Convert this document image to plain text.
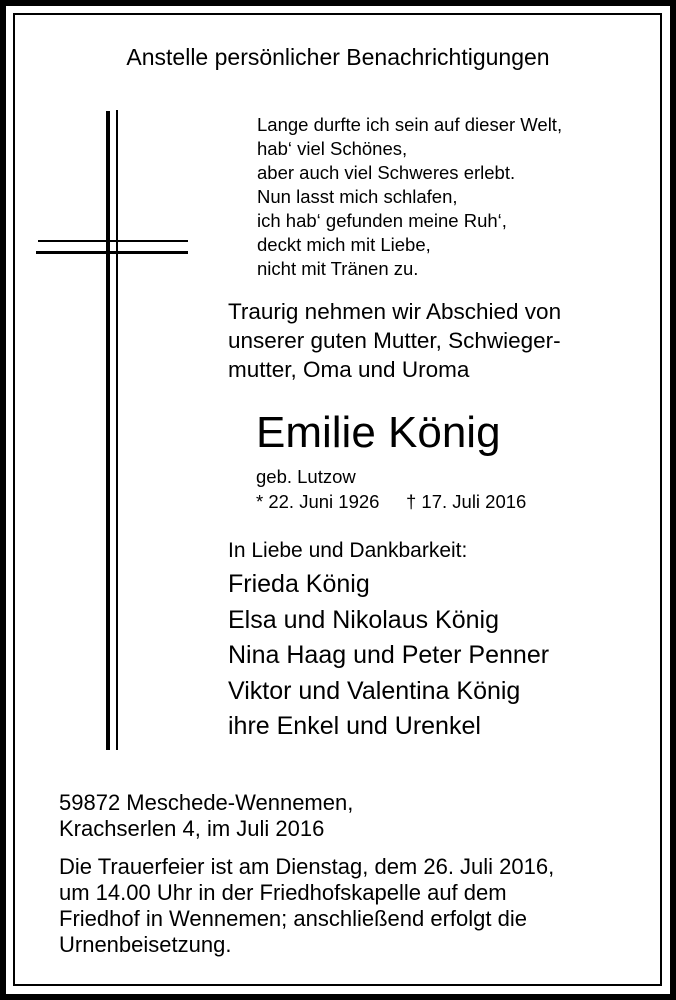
Anstelle persönlicher Benachrichtigungen
Lange durfte ich sein auf dieser Welt,
hab‘ viel Schönes,
aber auch viel Schweres erlebt.
Nun lasst mich schlafen,
ich hab‘ gefunden meine Ruh‘,
deckt mich mit Liebe,
nicht mit Tränen zu.
Traurig nehmen wir Abschied von
unserer guten Mutter, Schwieger-
mutter, Oma und Uroma
Emilie König
geb. Lutzow
* 22. Juni 1926 † 17. Juli 2016
In Liebe und Dankbarkeit:
Frieda König
Elsa und Nikolaus König
Nina Haag und Peter Penner
Viktor und Valentina König
ihre Enkel und Urenkel
59872 Meschede-Wennemen,
Krachserlen 4, im Juli 2016
Die Trauerfeier ist am Dienstag, dem 26. Juli 2016,
um 14.00 Uhr in der Friedhofskapelle auf dem
Friedhof in Wennemen; anschließend erfolgt die
Urnenbeisetzung.
